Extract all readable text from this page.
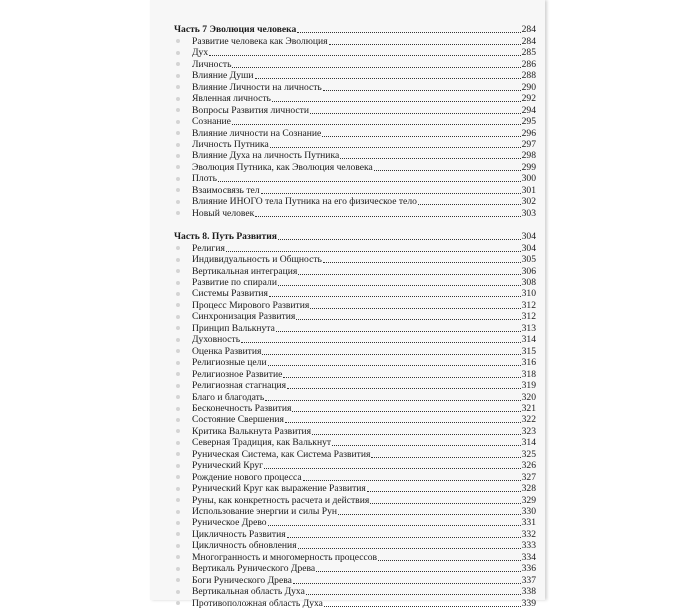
Часть 7 Эволюция человека	284
Развитие человека как Эволюция	284
Дух	285
Личность	286
Влияние Души	288
Влияние Личности на личность	290
Явленная личность	292
Вопросы Развития личности	294
Сознание	295
Влияние личности на Сознание	296
Личность Путника	297
Влияние Духа на личность Путника	298
Эволюция Путника, как Эволюция человека	299
Плоть	300
Взаимосвязь тел	301
Влияние ИНОГО тела Путника на его физическое тело	302
Новый человек	303
Часть 8. Путь Развития	304
Религия	304
Индивидуальность и Общность	305
Вертикальная интеграция	306
Развитие по спирали	308
Системы Развития	310
Процесс Мирового Развития	312
Синхронизация Развития	312
Принцип Валькнута	313
Духовность	314
Оценка Развития	315
Религиозные цели	316
Религиозное Развитие	318
Религиозная стагнация	319
Благо и благодать	320
Бесконечность Развития	321
Состояние Свершения	322
Критика Валькнута Развития	323
Северная Традиция, как Валькнут	314
Руническая Система, как Система Развития	325
Рунический Круг	326
Рождение нового процесса	327
Рунический Круг как выражение Развития	328
Руны, как конкретность расчета и действия	329
Использование энергии и силы Рун	330
Руническое Древо	331
Цикличность Развития	332
Цикличность обновления	333
Многогранность и многомерность процессов	334
Вертикаль Рунического Древа	336
Боги Рунического Древа	337
Вертикальная область Духа	338
Противоположная область Духа	339
